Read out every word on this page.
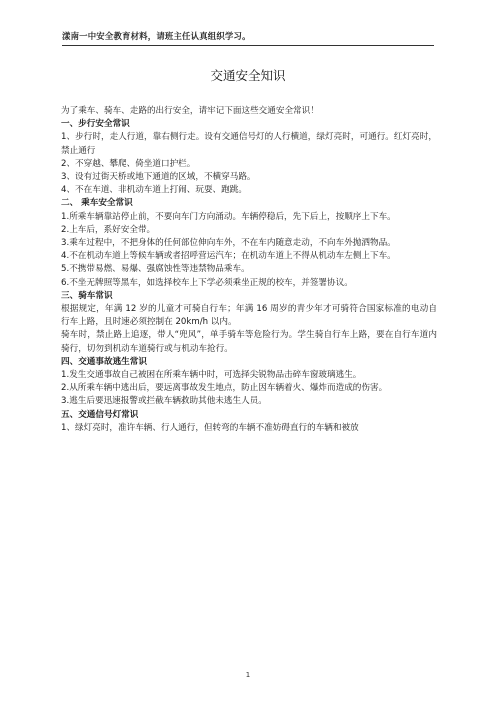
漾南一中安全教育材料，请班主任认真组织学习。
交通安全知识

为了乘车、骑车、走路的出行安全，请牢记下面这些交通安全常识！

一、步行安全常识

1、步行时，走人行道，靠右侧行走。设有交通信号灯的人行横道，绿灯亮时，可通行。红灯亮时，禁止通行

2、不穿越、攀爬、倚坐道口护栏。

3、设有过街天桥或地下通道的区域，不横穿马路。

4、不在车道、非机动车道上打闹、玩耍、跑跳。

二、 乘车安全常识

1.所乘车辆靠站停止前，不要向车门方向涌动。车辆停稳后，先下后上，按顺序上下车。

2.上车后，系好安全带。

3.乘车过程中，不把身体的任何部位伸向车外，不在车内随意走动，不向车外抛洒物品。

4.不在机动车道上等候车辆或者招呼营运汽车；在机动车道上不得从机动车左侧上下车。

5.不携带易燃、易爆、强腐蚀性等违禁物品乘车。

6.不坐无牌照等黑车，如选择校车上下学必须乘坐正规的校车，并签署协议。

三、骑车常识

根据规定，年满 12 岁的儿童才可骑自行车；年满 16 周岁的青少年才可骑符合国家标准的电动自行车上路，且时速必须控制在 20km/h 以内。

骑车时，禁止路上追逐，带人“兜风”，单手骑车等危险行为。学生骑自行车上路，要在自行车道内骑行，切勿到机动车道骑行或与机动车抢行。

四、交通事故逃生常识

1.发生交通事故自己被困在所乘车辆中时，可选择尖锐物品击碎车窗玻璃逃生。

2.从所乘车辆中逃出后，要远离事故发生地点，防止因车辆着火、爆炸而造成的伤害。

3.逃生后要迅速报警或拦截车辆救助其他未逃生人员。

五、交通信号灯常识

1、绿灯亮时，准许车辆、行人通行，但转弯的车辆不准妨碍直行的车辆和被放

1
